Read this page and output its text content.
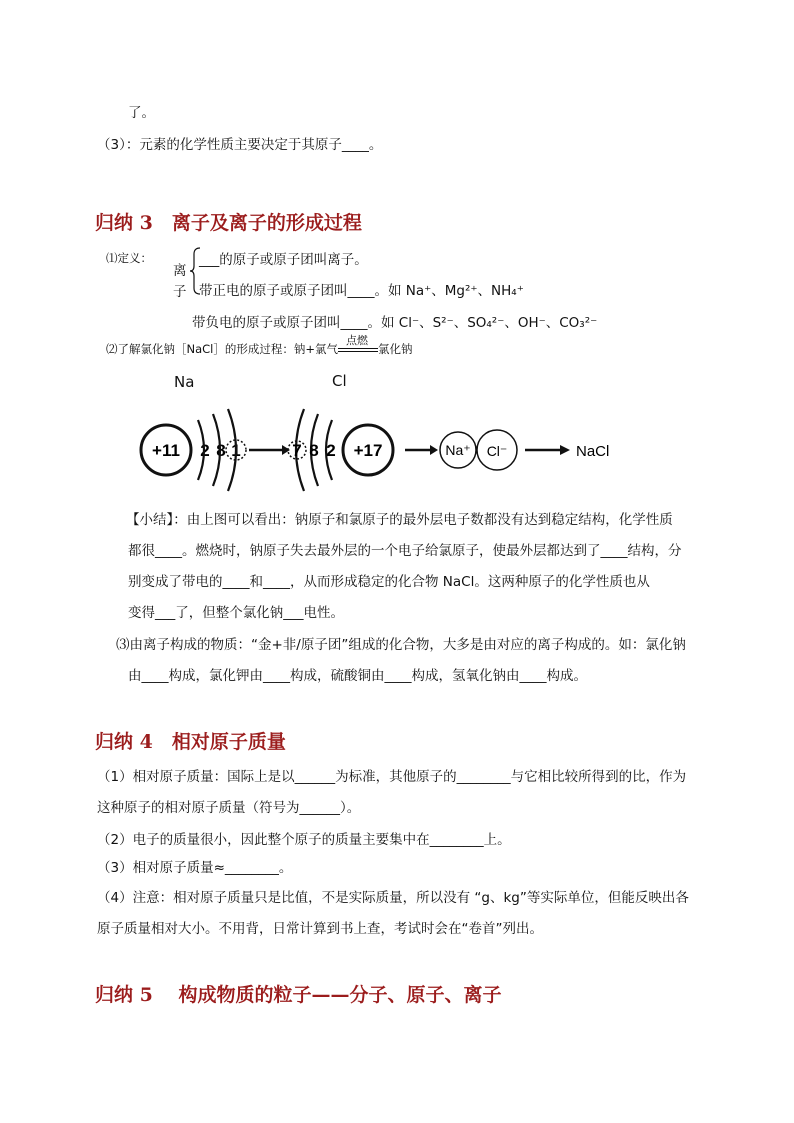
了。
（3）：元素的化学性质主要决定于其原子____。
归纳 3　离子及离子的形成过程
⑴定义：
离
子
___的原子或原子团叫离子。
带正电的原子或原子团叫____。如 Na⁺、Mg²⁺、NH₄⁺
带负电的原子或原子团叫____。如 Cl⁻、S²⁻、SO₄²⁻、OH⁻、CO₃²⁻
⑵了解氯化钠［NaCl］的形成过程：钠+氯气
点燃
氯化钠
Na	Cl
+11 2 8 1	7 8 2 +17	Na⁺ Cl⁻	NaCl
【小结】：由上图可以看出：钠原子和氯原子的最外层电子数都没有达到稳定结构，化学性质
都很____。燃烧时，钠原子失去最外层的一个电子给氯原子，使最外层都达到了____结构，分
别变成了带电的____和____，从而形成稳定的化合物 NaCl。这两种原子的化学性质也从
变得___了，但整个氯化钠___电性。
⑶由离子构成的物质：“金+非/原子团”组成的化合物，大多是由对应的离子构成的。如：氯化钠
由____构成，氯化钾由____构成，硫酸铜由____构成，氢氧化钠由____构成。
归纳 4　相对原子质量
（1）相对原子质量：国际上是以______为标准，其他原子的________与它相比较所得到的比，作为
这种原子的相对原子质量（符号为______）。
（2）电子的质量很小，因此整个原子的质量主要集中在________上。
（3）相对原子质量≈________。
（4）注意：相对原子质量只是比值，不是实际质量，所以没有 “g、kg”等实际单位，但能反映出各
原子质量相对大小。不用背，日常计算到书上查，考试时会在“卷首”列出。
归纳 5　 构成物质的粒子——分子、原子、离子
